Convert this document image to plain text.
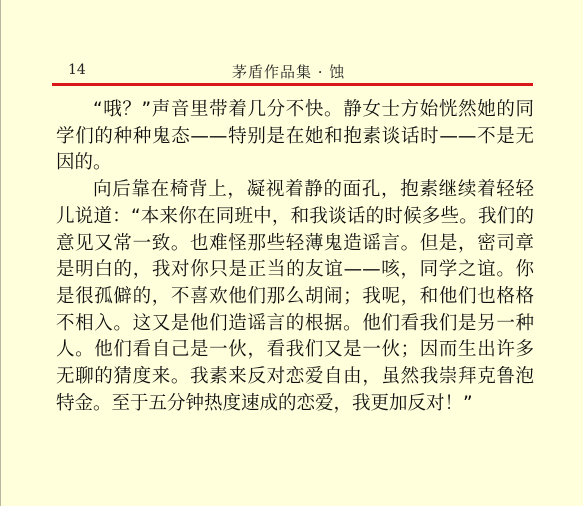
14	茅盾作品集 · 蚀

“哦？”声音里带着几分不快。静女士方始恍然她的同学们的种种鬼态——特别是在她和抱素谈话时——不是无因的。

向后靠在椅背上，凝视着静的面孔，抱素继续着轻轻儿说道：“本来你在同班中，和我谈话的时候多些。我们的意见又常一致。也难怪那些轻薄鬼造谣言。但是，密司章是明白的，我对你只是正当的友谊——咳，同学之谊。你是很孤僻的，不喜欢他们那么胡闹；我呢，和他们也格格不相入。这又是他们造谣言的根据。他们看我们是另一种人。他们看自己是一伙，看我们又是一伙；因而生出许多无聊的猜度来。我素来反对恋爱自由，虽然我崇拜克鲁泡特金。至于五分钟热度速成的恋爱，我更加反对！”
